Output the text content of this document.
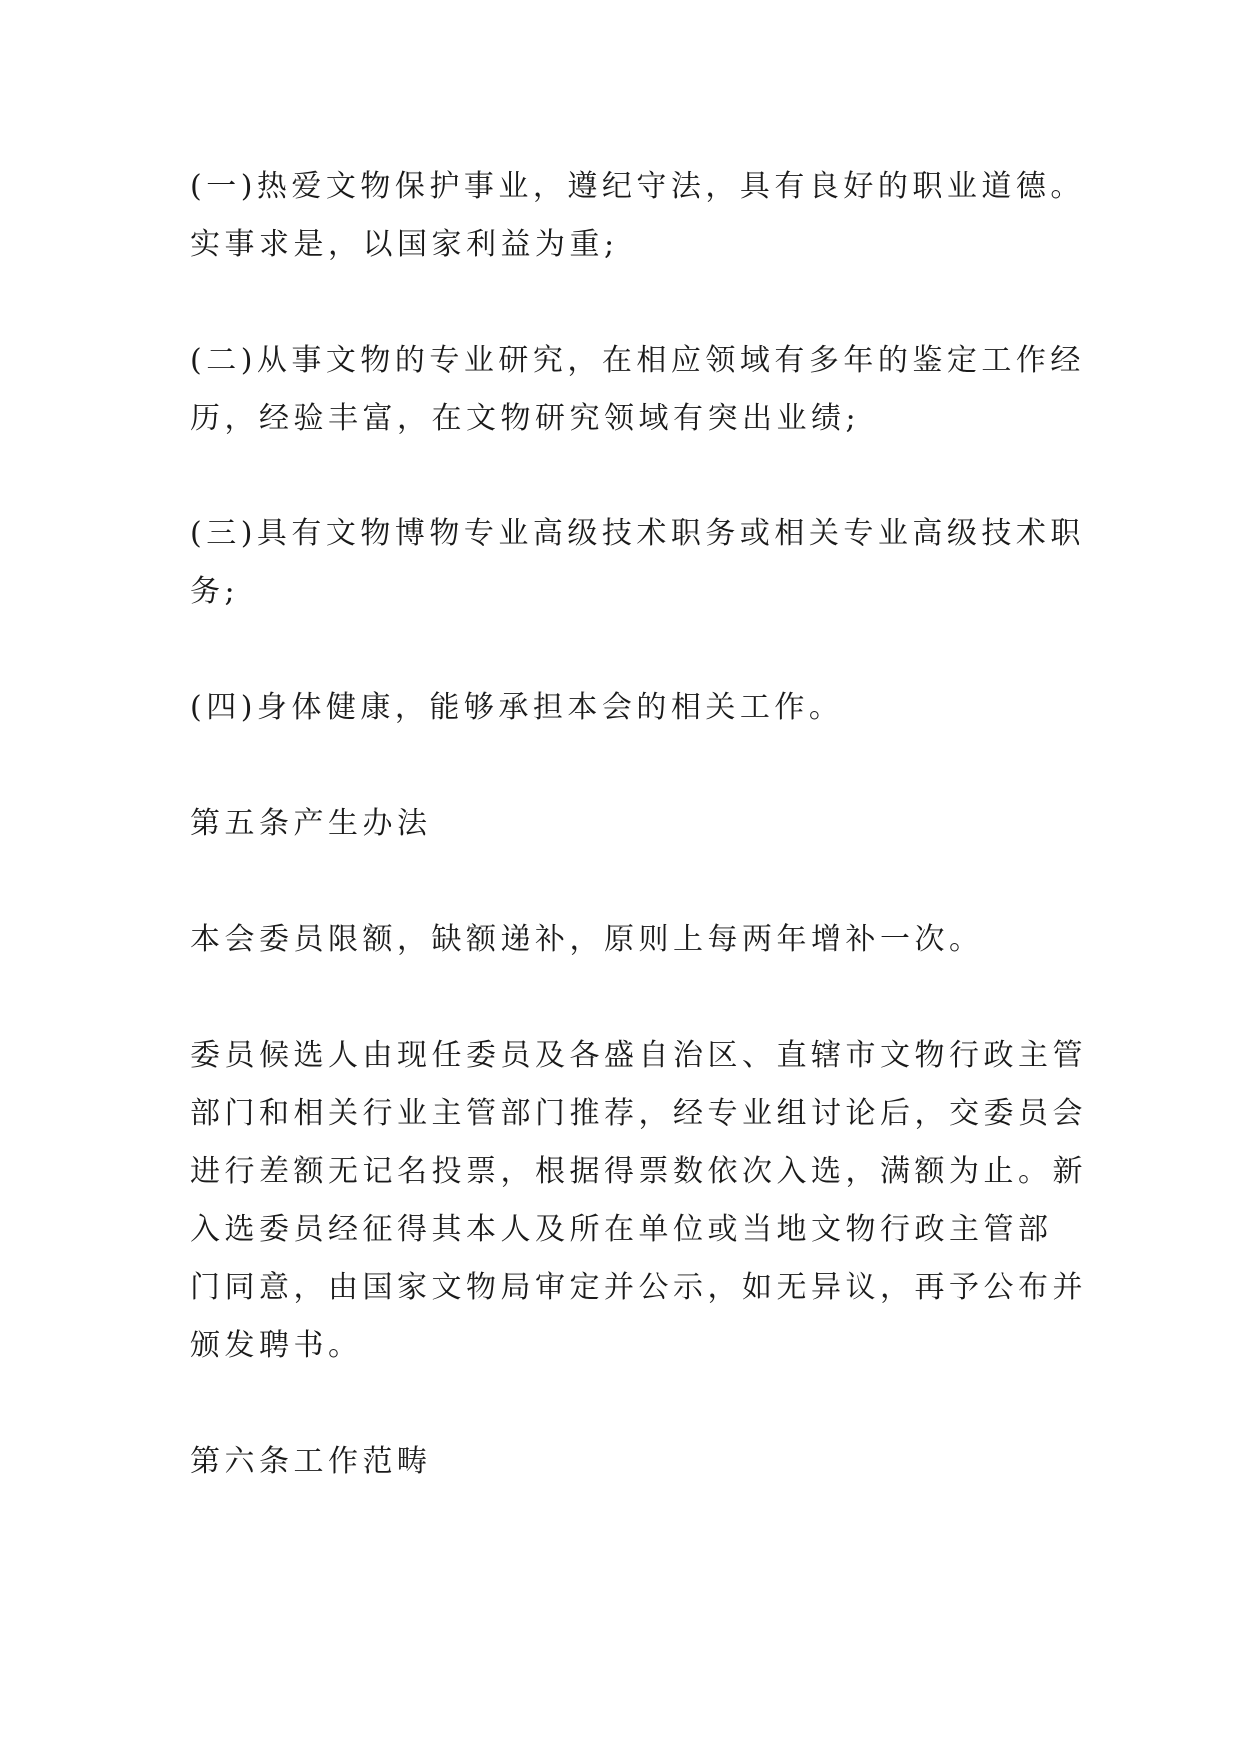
(一)热爱文物保护事业，遵纪守法，具有良好的职业道德。
实事求是，以国家利益为重;
(二)从事文物的专业研究，在相应领域有多年的鉴定工作经
历，经验丰富，在文物研究领域有突出业绩;
(三)具有文物博物专业高级技术职务或相关专业高级技术职
务;
(四)身体健康，能够承担本会的相关工作。
第五条产生办法
本会委员限额，缺额递补，原则上每两年增补一次。
委员候选人由现任委员及各盛自治区、直辖市文物行政主管
部门和相关行业主管部门推荐，经专业组讨论后，交委员会
进行差额无记名投票，根据得票数依次入选，满额为止。新
入选委员经征得其本人及所在单位或当地文物行政主管部
门同意，由国家文物局审定并公示，如无异议，再予公布并
颁发聘书。
第六条工作范畴
